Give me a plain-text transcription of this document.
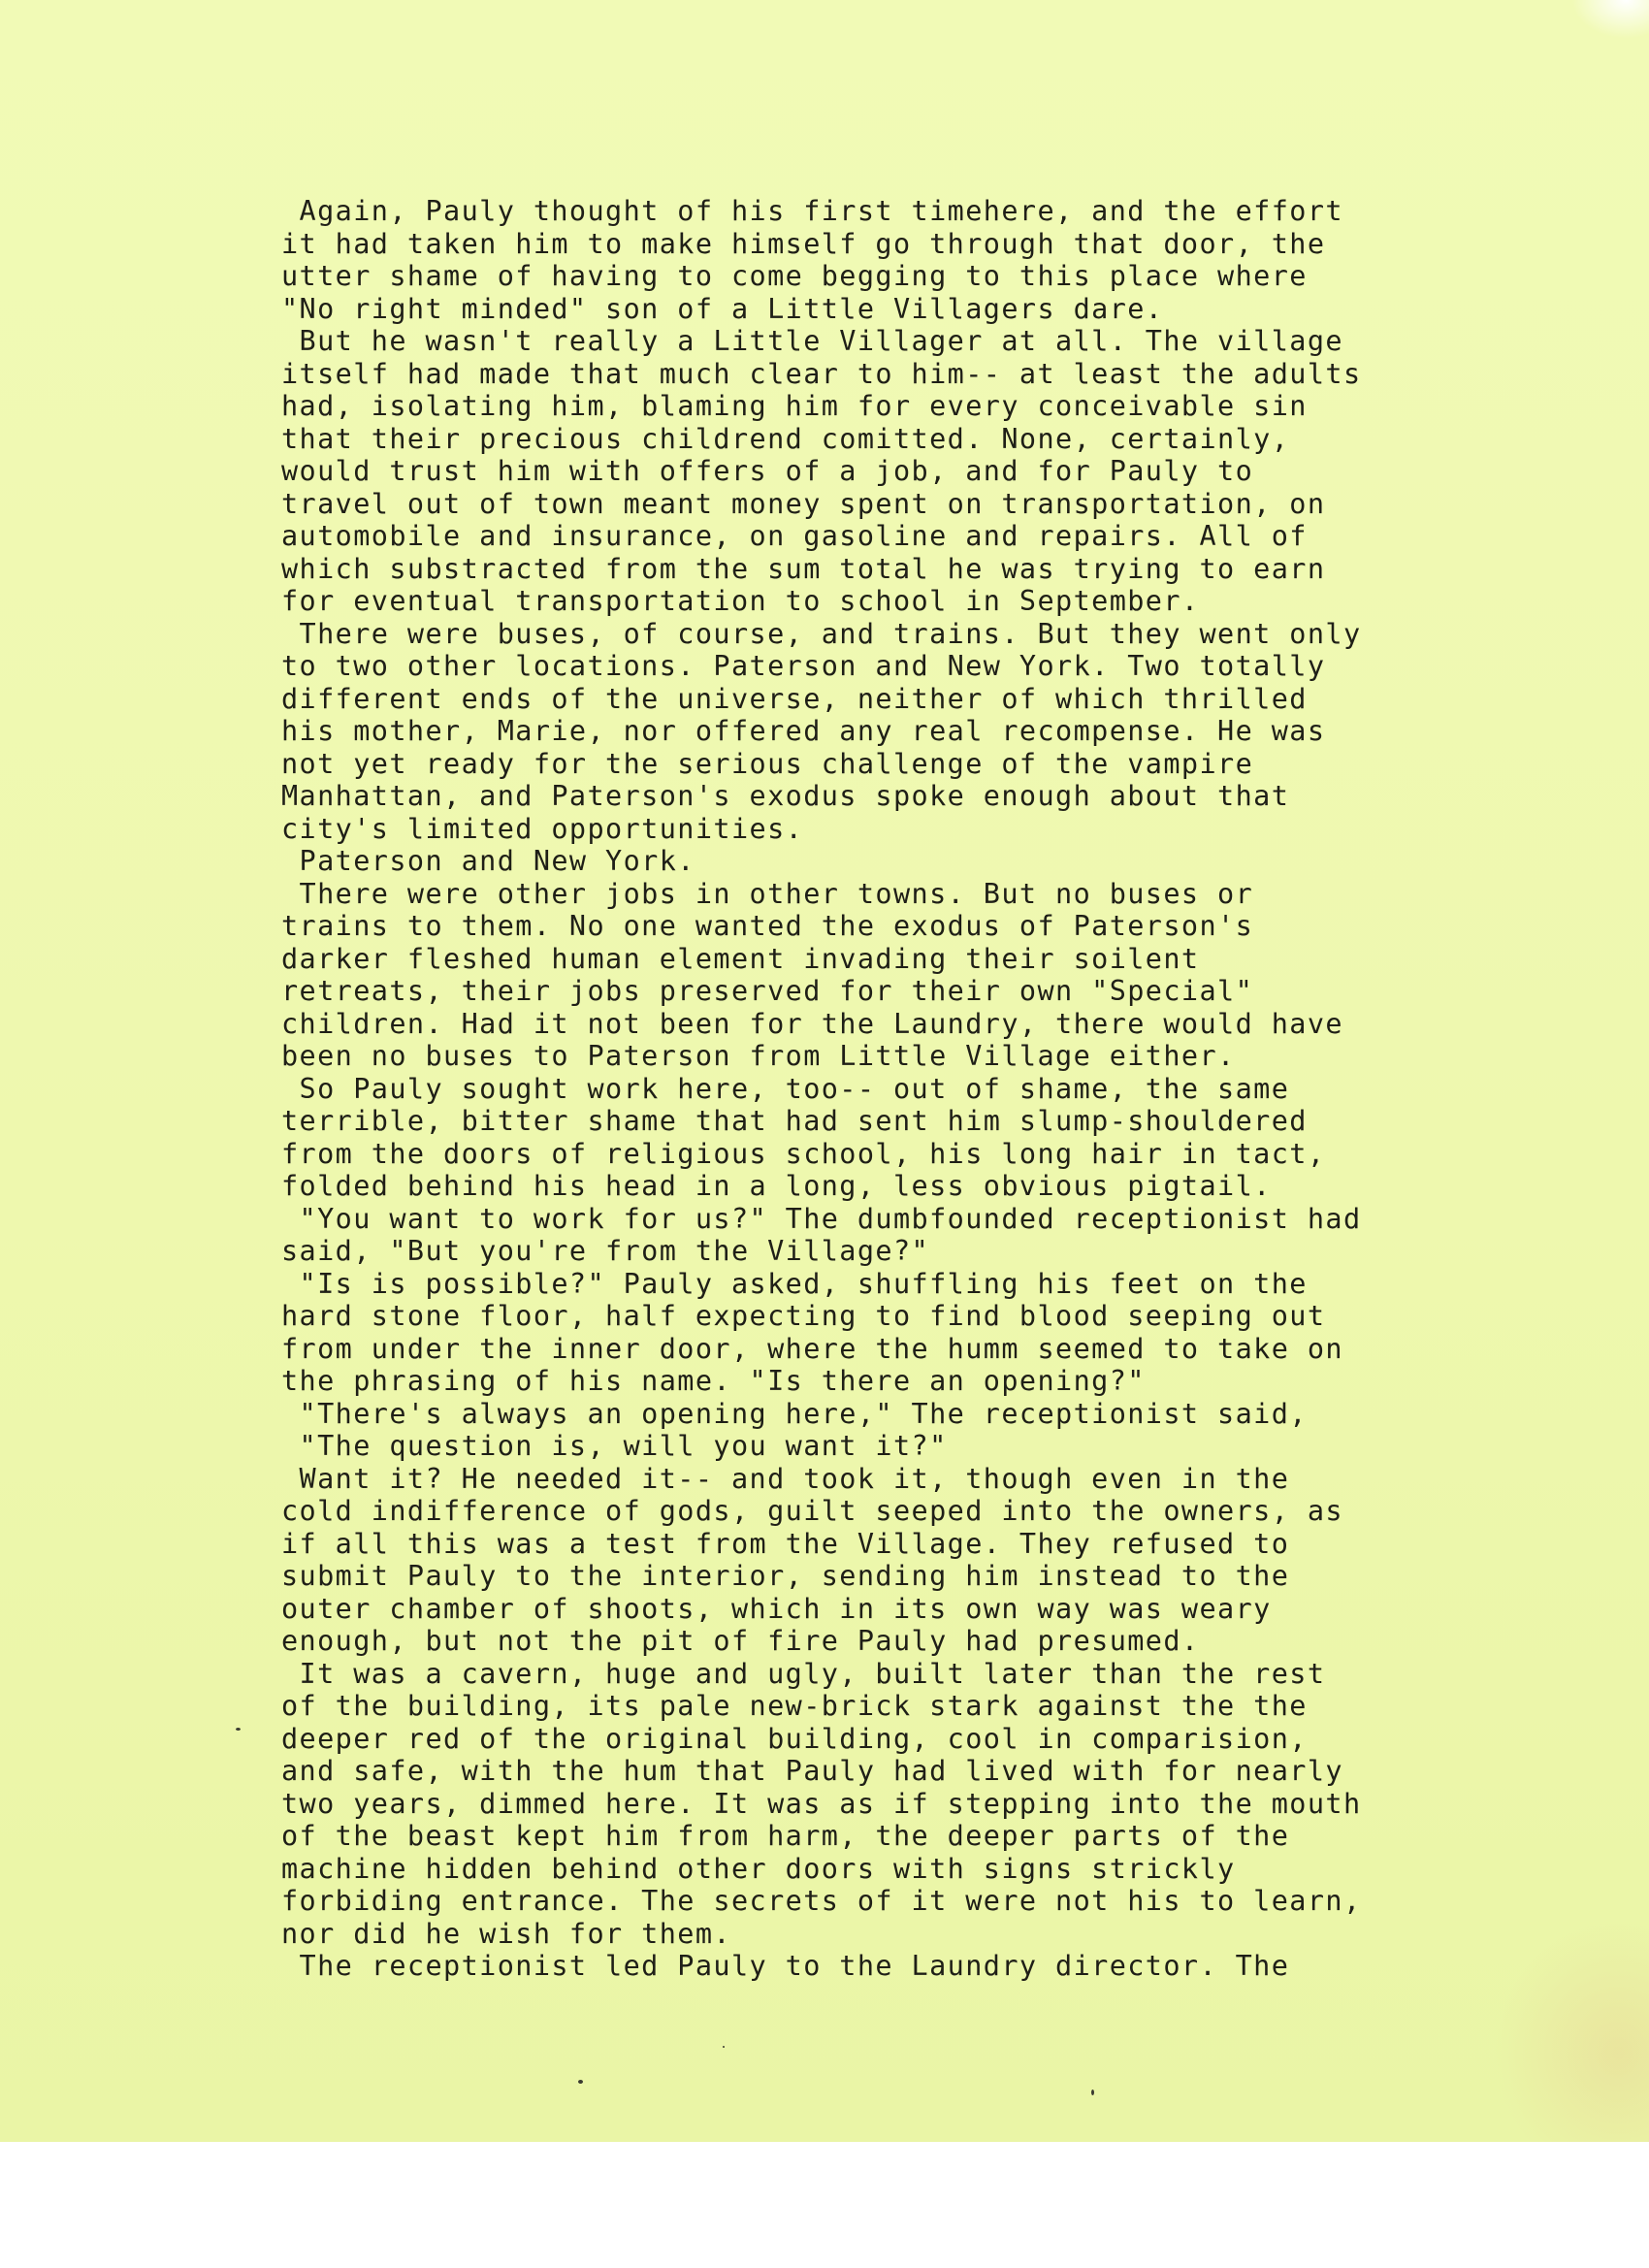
Again, Pauly thought of his first timehere, and the effort
it had taken him to make himself go through that door, the
utter shame of having to come begging to this place where
"No right minded" son of a Little Villagers dare.
But he wasn't really a Little Villager at all. The village
itself had made that much clear to him-- at least the adults
had, isolating him, blaming him for every conceivable sin
that their precious childrend comitted. None, certainly,
would trust him with offers of a job, and for Pauly to
travel out of town meant money spent on transportation, on
automobile and insurance, on gasoline and repairs. All of
which substracted from the sum total he was trying to earn
for eventual transportation to school in September.
There were buses, of course, and trains. But they went only
to two other locations. Paterson and New York. Two totally
different ends of the universe, neither of which thrilled
his mother, Marie, nor offered any real recompense. He was
not yet ready for the serious challenge of the vampire
Manhattan, and Paterson's exodus spoke enough about that
city's limited opportunities.
Paterson and New York.
There were other jobs in other towns. But no buses or
trains to them. No one wanted the exodus of Paterson's
darker fleshed human element invading their soilent
retreats, their jobs preserved for their own "Special"
children. Had it not been for the Laundry, there would have
been no buses to Paterson from Little Village either.
So Pauly sought work here, too-- out of shame, the same
terrible, bitter shame that had sent him slump-shouldered
from the doors of religious school, his long hair in tact,
folded behind his head in a long, less obvious pigtail.
"You want to work for us?" The dumbfounded receptionist had
said, "But you're from the Village?"
"Is is possible?" Pauly asked, shuffling his feet on the
hard stone floor, half expecting to find blood seeping out
from under the inner door, where the humm seemed to take on
the phrasing of his name. "Is there an opening?"
"There's always an opening here," The receptionist said,
"The question is, will you want it?"
Want it? He needed it-- and took it, though even in the
cold indifference of gods, guilt seeped into the owners, as
if all this was a test from the Village. They refused to
submit Pauly to the interior, sending him instead to the
outer chamber of shoots, which in its own way was weary
enough, but not the pit of fire Pauly had presumed.
It was a cavern, huge and ugly, built later than the rest
of the building, its pale new-brick stark against the the
deeper red of the original building, cool in comparision,
and safe, with the hum that Pauly had lived with for nearly
two years, dimmed here. It was as if stepping into the mouth
of the beast kept him from harm, the deeper parts of the
machine hidden behind other doors with signs strickly
forbiding entrance. The secrets of it were not his to learn,
nor did he wish for them.
The receptionist led Pauly to the Laundry director. The
